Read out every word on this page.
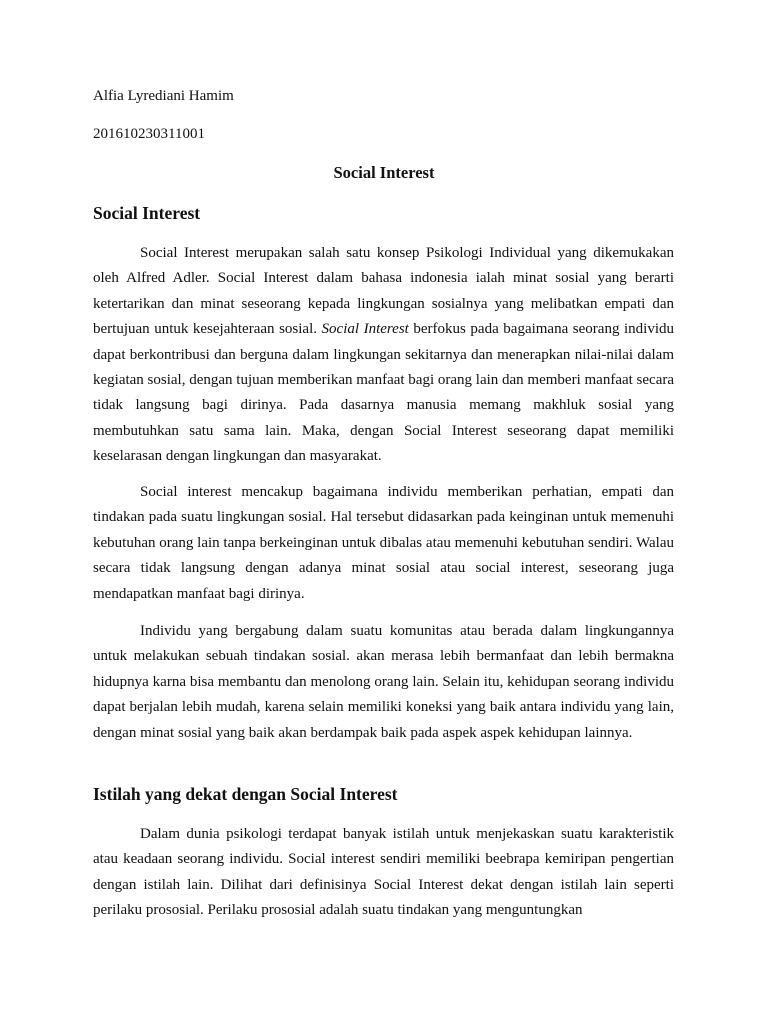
Alfia Lyrediani Hamim
201610230311001
Social Interest
Social Interest

Social Interest merupakan salah satu konsep Psikologi Individual yang dikemukakan oleh Alfred Adler. Social Interest dalam bahasa indonesia ialah minat sosial yang berarti ketertarikan dan minat seseorang kepada lingkungan sosialnya yang melibatkan empati dan bertujuan untuk kesejahteraan sosial. Social Interest berfokus pada bagaimana seorang individu dapat berkontribusi dan berguna dalam lingkungan sekitarnya dan menerapkan nilai-nilai dalam kegiatan sosial, dengan tujuan memberikan manfaat bagi orang lain dan memberi manfaat secara tidak langsung bagi dirinya. Pada dasarnya manusia memang makhluk sosial yang membutuhkan satu sama lain. Maka, dengan Social Interest seseorang dapat memiliki keselarasan dengan lingkungan dan masyarakat.

Social interest mencakup bagaimana individu memberikan perhatian, empati dan tindakan pada suatu lingkungan sosial. Hal tersebut didasarkan pada keinginan untuk memenuhi kebutuhan orang lain tanpa berkeinginan untuk dibalas atau memenuhi kebutuhan sendiri. Walau secara tidak langsung dengan adanya minat sosial atau social interest, seseorang juga mendapatkan manfaat bagi dirinya.

Individu yang bergabung dalam suatu komunitas atau berada dalam lingkungannya untuk melakukan sebuah tindakan sosial. akan merasa lebih bermanfaat dan lebih bermakna hidupnya karna bisa membantu dan menolong orang lain. Selain itu, kehidupan seorang individu dapat berjalan lebih mudah, karena selain memiliki koneksi yang baik antara individu yang lain, dengan minat sosial yang baik akan berdampak baik pada aspek aspek kehidupan lainnya.

Istilah yang dekat dengan Social Interest

Dalam dunia psikologi terdapat banyak istilah untuk menjekaskan suatu karakteristik atau keadaan seorang individu. Social interest sendiri memiliki beebrapa kemiripan pengertian dengan istilah lain. Dilihat dari definisinya Social Interest dekat dengan istilah lain seperti perilaku prososial. Perilaku prososial adalah suatu tindakan yang menguntungkan
